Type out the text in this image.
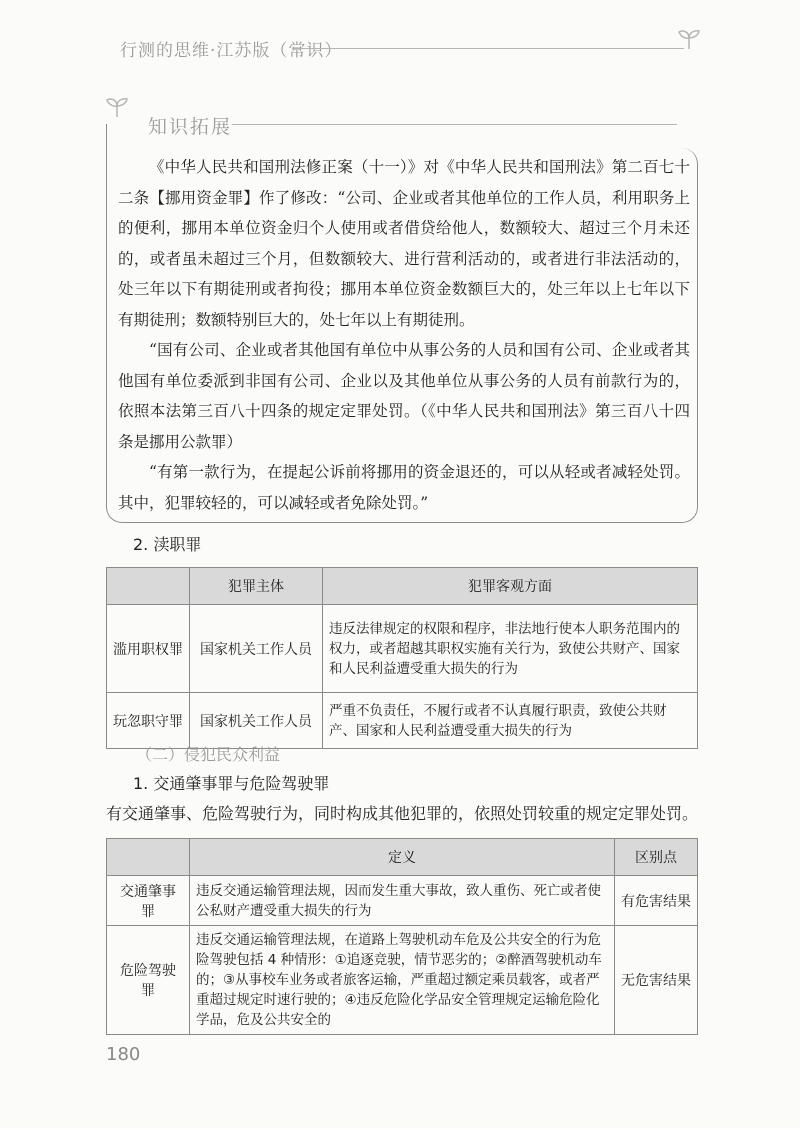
行测的思维·江苏版（常识）
知识拓展

《中华人民共和国刑法修正案（十一）》对《中华人民共和国刑法》第二百七十二条【挪用资金罪】作了修改：“公司、企业或者其他单位的工作人员，利用职务上的便利，挪用本单位资金归个人使用或者借贷给他人，数额较大、超过三个月未还的，或者虽未超过三个月，但数额较大、进行营利活动的，或者进行非法活动的，处三年以下有期徒刑或者拘役；挪用本单位资金数额巨大的，处三年以上七年以下有期徒刑；数额特别巨大的，处七年以上有期徒刑。

“国有公司、企业或者其他国有单位中从事公务的人员和国有公司、企业或者其他国有单位委派到非国有公司、企业以及其他单位从事公务的人员有前款行为的，依照本法第三百八十四条的规定定罪处罚。（《中华人民共和国刑法》第三百八十四条是挪用公款罪）

“有第一款行为，在提起公诉前将挪用的资金退还的，可以从轻或者减轻处罚。其中，犯罪较轻的，可以减轻或者免除处罚。”

2. 渎职罪
	犯罪主体	犯罪客观方面
滥用职权罪	国家机关工作人员	违反法律规定的权限和程序，非法地行使本人职务范围内的权力，或者超越其职权实施有关行为，致使公共财产、国家和人民利益遭受重大损失的行为
玩忽职守罪	国家机关工作人员	严重不负责任，不履行或者不认真履行职责，致使公共财产、国家和人民利益遭受重大损失的行为
（二）侵犯民众利益
1. 交通肇事罪与危险驾驶罪
有交通肇事、危险驾驶行为，同时构成其他犯罪的，依照处罚较重的规定定罪处罚。
	定义	区别点
交通肇事罪	违反交通运输管理法规，因而发生重大事故，致人重伤、死亡或者使公私财产遭受重大损失的行为	有危害结果
危险驾驶罪	违反交通运输管理法规，在道路上驾驶机动车危及公共安全的行为危险驾驶包括 4 种情形：①追逐竞驶，情节恶劣的；②醉酒驾驶机动车的；③从事校车业务或者旅客运输，严重超过额定乘员载客，或者严重超过规定时速行驶的；④违反危险化学品安全管理规定运输危险化学品，危及公共安全的	无危害结果
180
